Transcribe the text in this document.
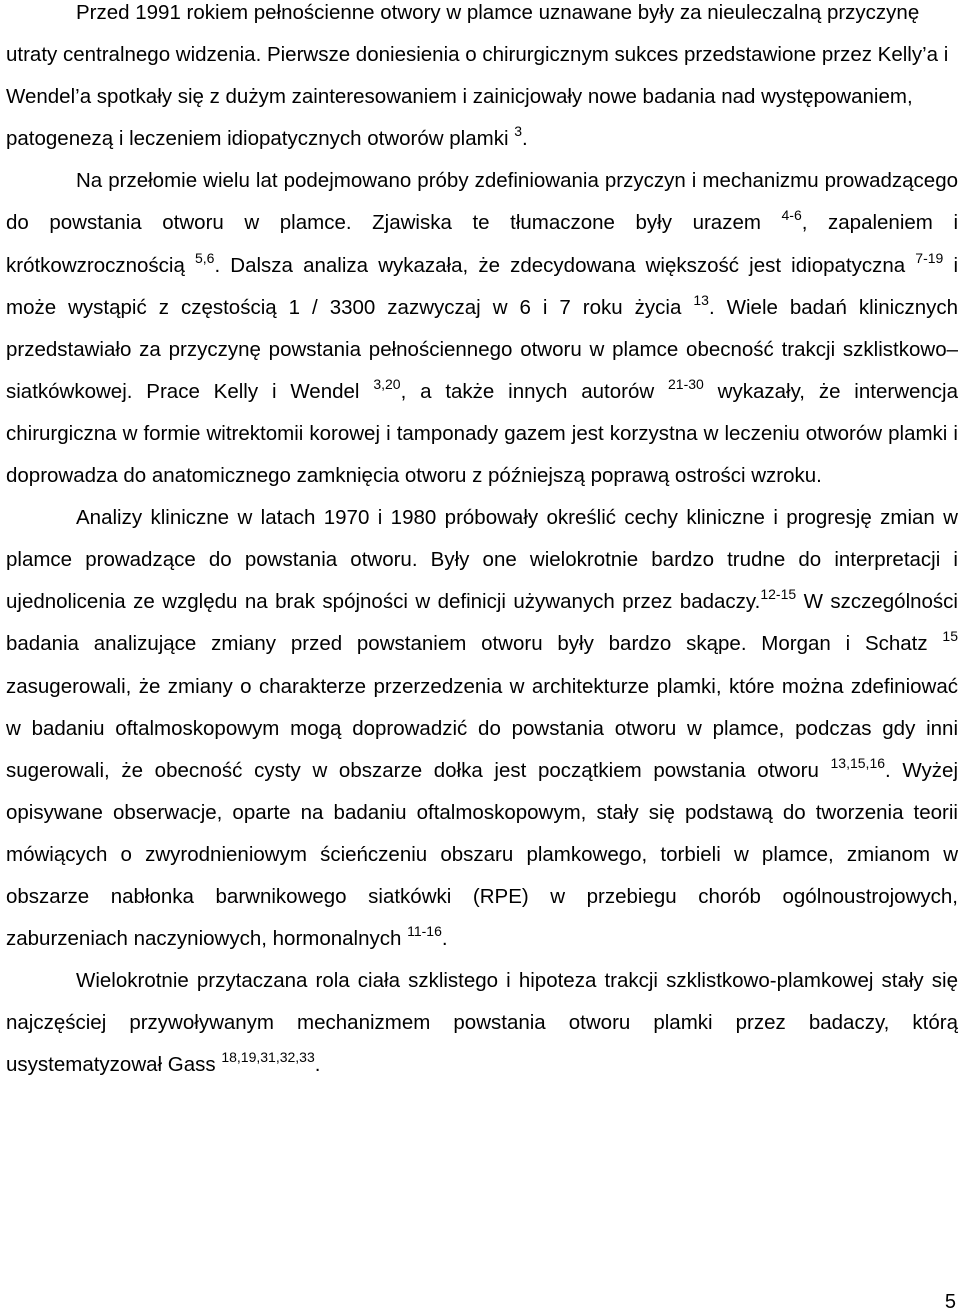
Przed 1991 rokiem pełnościenne otwory w plamce uznawane były za nieuleczalną przyczynę utraty centralnego widzenia. Pierwsze doniesienia o chirurgicznym sukces przedstawione przez Kelly’a i Wendel’a spotkały się z dużym zainteresowaniem i zainicjowały nowe badania nad występowaniem, patogenezą i leczeniem idiopatycznych otworów plamki $^3$.

Na przełomie wielu lat podejmowano próby zdefiniowania przyczyn i mechanizmu prowadzącego do powstania otworu w plamce. Zjawiska te tłumaczone były urazem $^{4-6}$, zapaleniem i krótkowzrocznością $^{5,6}$. Dalsza analiza wykazała, że zdecydowana większość jest idiopatyczna $^{7-19}$ i może wystąpić z częstością 1 / 3300 zazwyczaj w 6 i 7 roku życia $^{13}$. Wiele badań klinicznych przedstawiało za przyczynę powstania pełnościennego otworu w plamce obecność trakcji szklistkowo–siatkówkowej. Prace Kelly i Wendel $^{3,20}$, a także innych autorów $^{21-30}$ wykazały, że interwencja chirurgiczna w formie witrektomii korowej i tamponady gazem jest korzystna w leczeniu otworów plamki i doprowadza do anatomicznego zamknięcia otworu z późniejszą poprawą ostrości wzroku.

Analizy kliniczne w latach 1970 i 1980 próbowały określić cechy kliniczne i progresję zmian w plamce prowadzące do powstania otworu. Były one wielokrotnie bardzo trudne do interpretacji i ujednolicenia ze względu na brak spójności w definicji używanych przez badaczy.$^{12-15}$ W szczególności badania analizujące zmiany przed powstaniem otworu były bardzo skąpe. Morgan i Schatz $^{15}$ zasugerowali, że zmiany o charakterze przerzedzenia w architekturze plamki, które można zdefiniować w badaniu oftalmoskopowym mogą doprowadzić do powstania otworu w plamce, podczas gdy inni sugerowali, że obecność cysty w obszarze dołka jest początkiem powstania otworu $^{13,15,16}$. Wyżej opisywane obserwacje, oparte na badaniu oftalmoskopowym, stały się podstawą do tworzenia teorii mówiących o zwyrodnieniowym ścieńczeniu obszaru plamkowego, torbieli w plamce, zmianom w obszarze nabłonka barwnikowego siatkówki (RPE) w przebiegu chorób ogólnoustrojowych, zaburzeniach naczyniowych, hormonalnych $^{11-16}$.

Wielokrotnie przytaczana rola ciała szklistego i hipoteza trakcji szklistkowo-plamkowej stały się najczęściej przywoływanym mechanizmem powstania otworu plamki przez badaczy, którą usystematyzował Gass $^{18,19,31,32,33}$.

5
